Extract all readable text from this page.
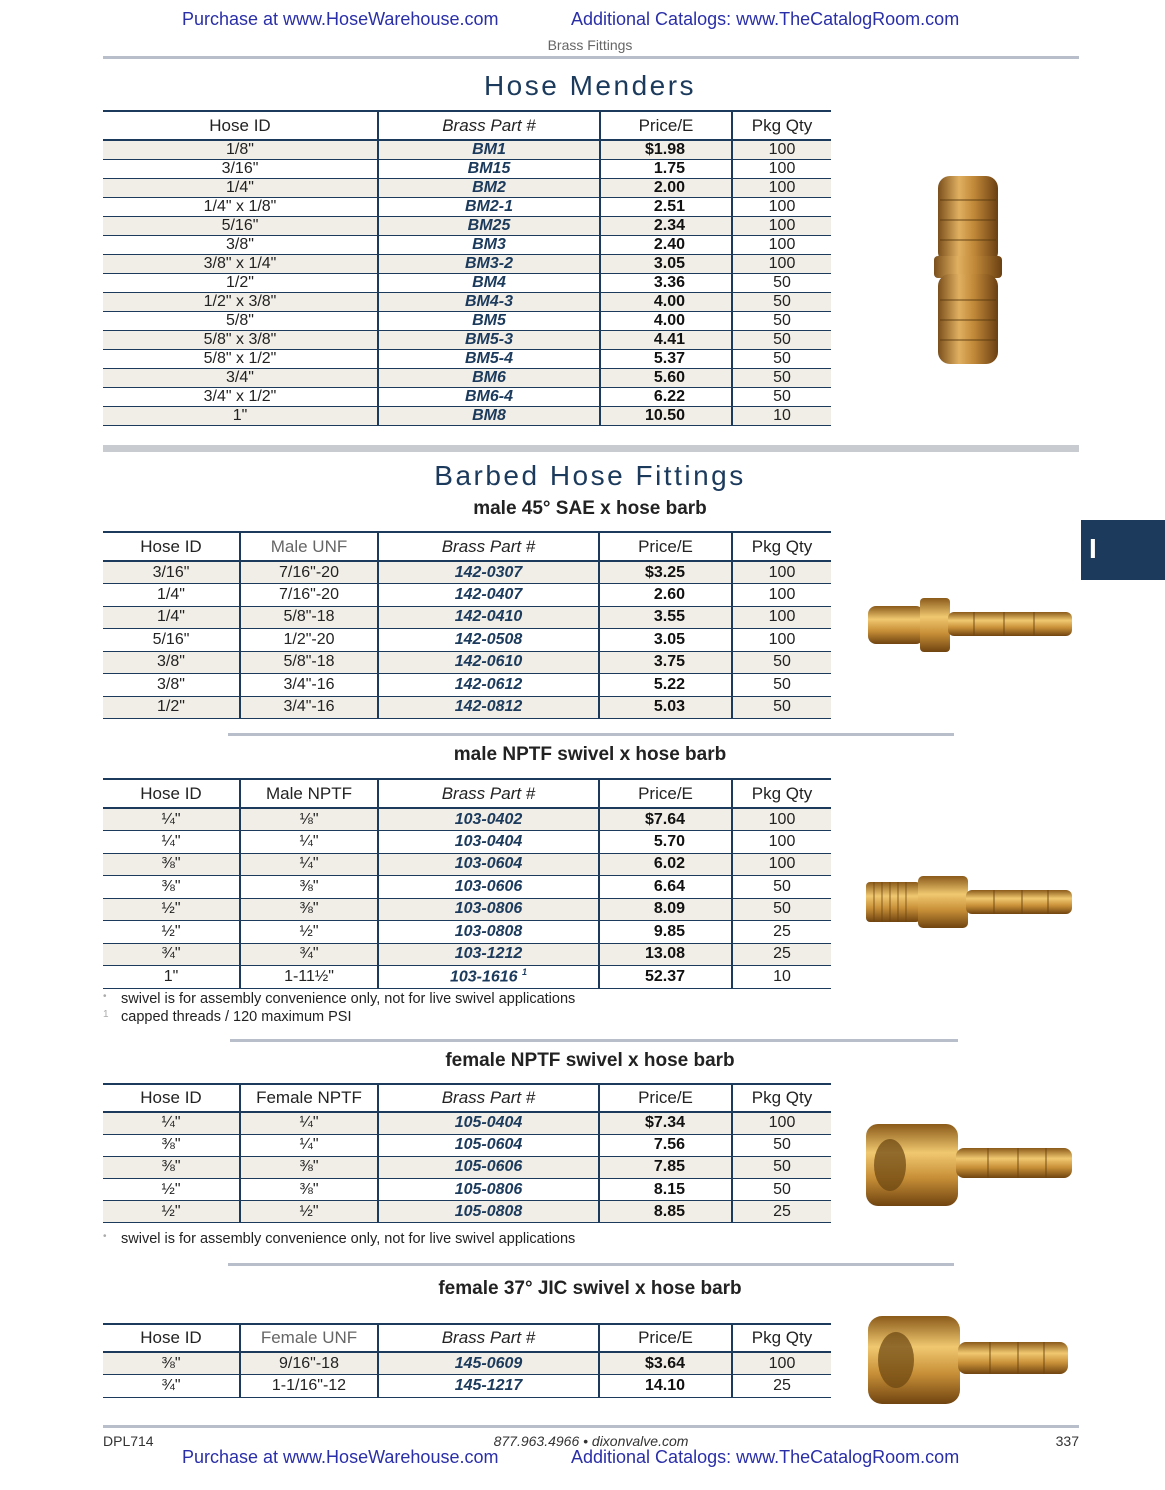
Purchase at www.HoseWarehouse.com	Additional Catalogs: www.TheCatalogRoom.com
Brass Fittings
Hose Menders
Hose ID	Brass Part #	Price/E	Pkg Qty
1/8"	BM1	$1.98	100
3/16"	BM15	1.75	100
1/4"	BM2	2.00	100
1/4" x 1/8"	BM2-1	2.51	100
5/16"	BM25	2.34	100
3/8"	BM3	2.40	100
3/8" x 1/4"	BM3-2	3.05	100
1/2"	BM4	3.36	50
1/2" x 3/8"	BM4-3	4.00	50
5/8"	BM5	4.00	50
5/8" x 3/8"	BM5-3	4.41	50
5/8" x 1/2"	BM5-4	5.37	50
3/4"	BM6	5.60	50
3/4" x 1/2"	BM6-4	6.22	50
1"	BM8	10.50	10
Barbed Hose Fittings
male 45° SAE x hose barb
Hose ID	Male UNF	Brass Part #	Price/E	Pkg Qty
3/16"	7/16"-20	142-0307	$3.25	100
1/4"	7/16"-20	142-0407	2.60	100
1/4"	5/8"-18	142-0410	3.55	100
5/16"	1/2"-20	142-0508	3.05	100
3/8"	5/8"-18	142-0610	3.75	50
3/8"	3/4"-16	142-0612	5.22	50
1/2"	3/4"-16	142-0812	5.03	50
male NPTF swivel x hose barb
Hose ID	Male NPTF	Brass Part #	Price/E	Pkg Qty
¼"	⅛"	103-0402	$7.64	100
¼"	¼"	103-0404	5.70	100
⅜"	¼"	103-0604	6.02	100
⅜"	⅜"	103-0606	6.64	50
½"	⅜"	103-0806	8.09	50
½"	½"	103-0808	9.85	25
¾"	¾"	103-1212	13.08	25
1"	1-11½"	103-1616 $^1$	52.37	10
• swivel is for assembly convenience only, not for live swivel applications
1 capped threads / 120 maximum PSI
female NPTF swivel x hose barb
Hose ID	Female NPTF	Brass Part #	Price/E	Pkg Qty
¼"	¼"	105-0404	$7.34	100
⅜"	¼"	105-0604	7.56	50
⅜"	⅜"	105-0606	7.85	50
½"	⅜"	105-0806	8.15	50
½"	½"	105-0808	8.85	25
• swivel is for assembly convenience only, not for live swivel applications
female 37° JIC swivel x hose barb
Hose ID	Female UNF	Brass Part #	Price/E	Pkg Qty
⅜"	9/16"-18	145-0609	$3.64	100
¾"	1-1/16"-12	145-1217	14.10	25
I
DPL714	877.963.4966 • dixonvalve.com	337
Purchase at www.HoseWarehouse.com	Additional Catalogs: www.TheCatalogRoom.com
